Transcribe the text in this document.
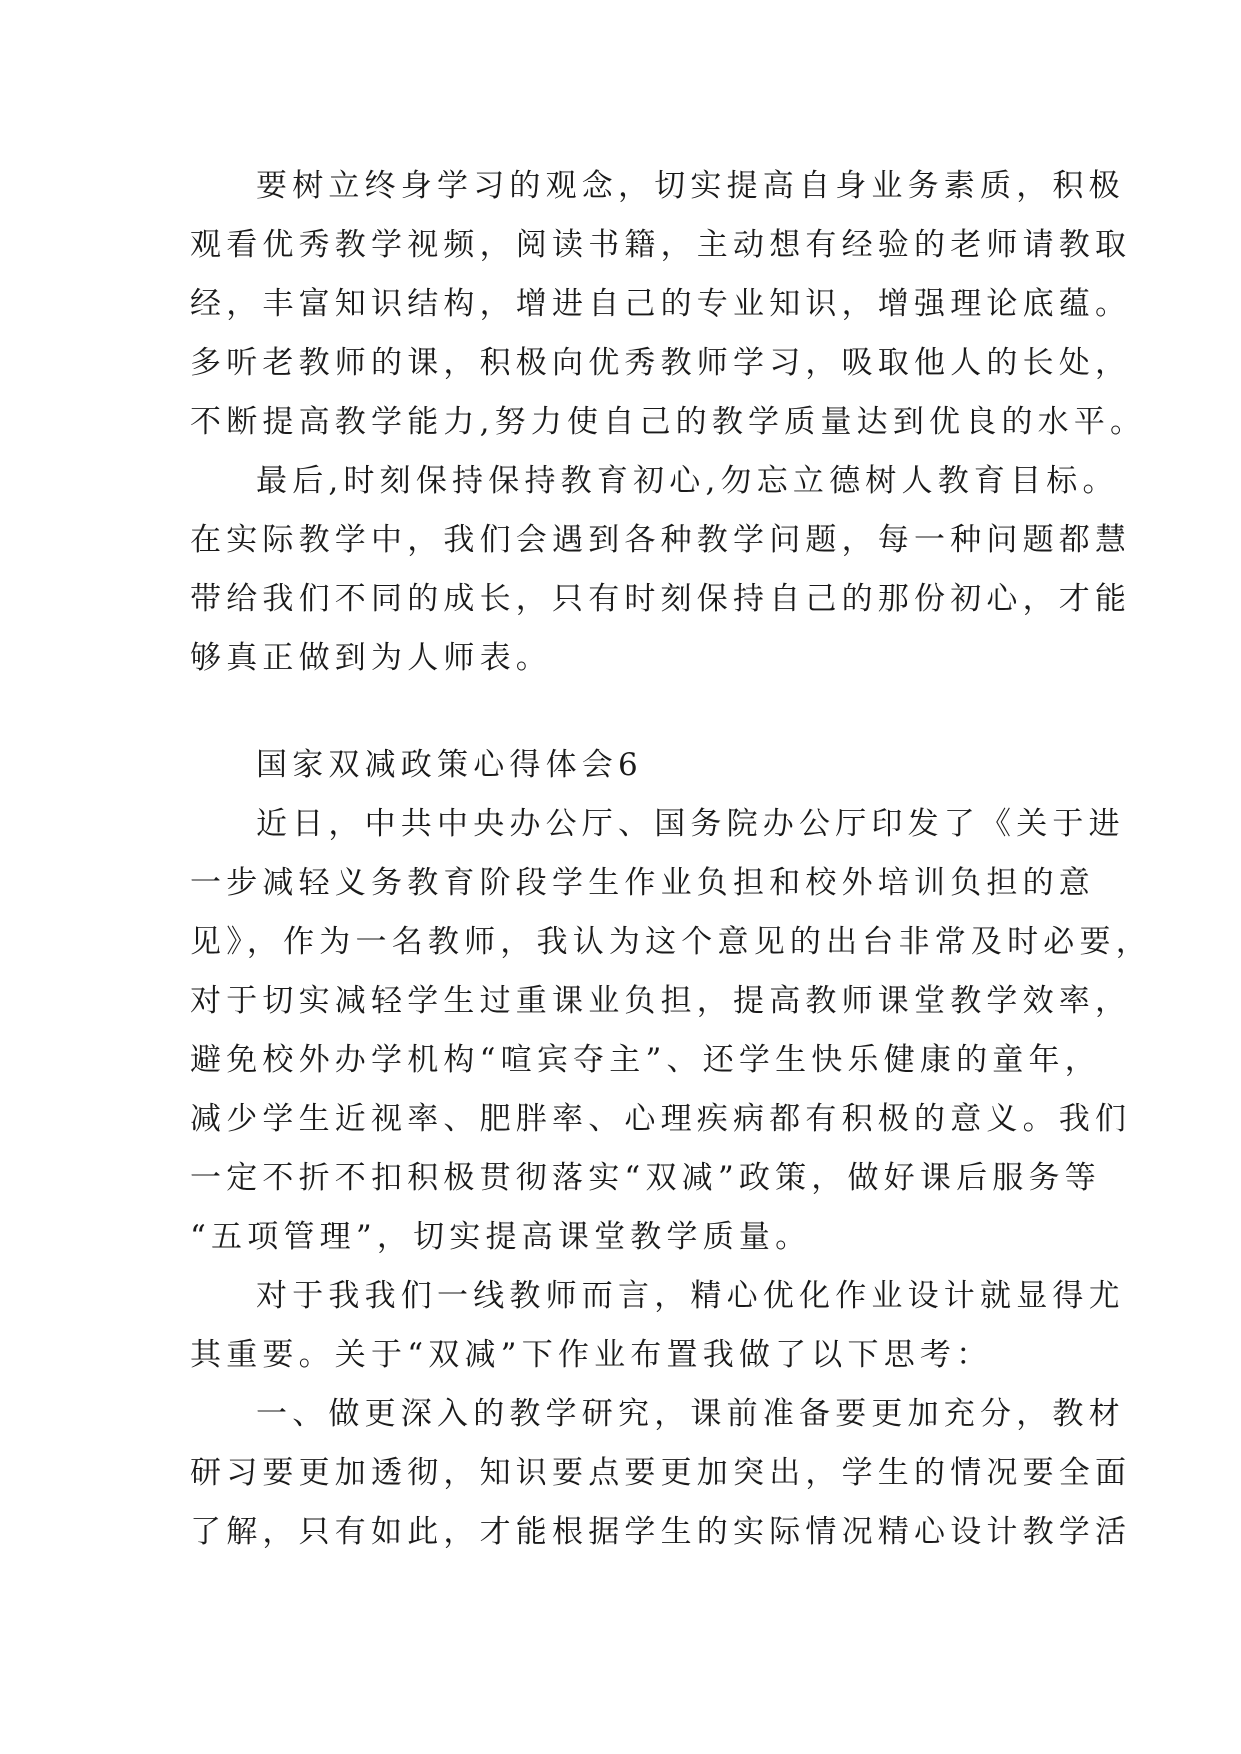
要树立终身学习的观念，切实提高自身业务素质，积极
观看优秀教学视频，阅读书籍，主动想有经验的老师请教取
经，丰富知识结构，增进自己的专业知识，增强理论底蕴。
多听老教师的课，积极向优秀教师学习，吸取他人的长处，
不断提高教学能力,努力使自己的教学质量达到优良的水平。
最后,时刻保持保持教育初心,勿忘立德树人教育目标。
在实际教学中，我们会遇到各种教学问题，每一种问题都慧
带给我们不同的成长，只有时刻保持自己的那份初心，才能
够真正做到为人师表。
国家双减政策心得体会6
近日，中共中央办公厅、国务院办公厅印发了《关于进
一步减轻义务教育阶段学生作业负担和校外培训负担的意
见》，作为一名教师，我认为这个意见的出台非常及时必要，
对于切实减轻学生过重课业负担，提高教师课堂教学效率，
避免校外办学机构“喧宾夺主”、还学生快乐健康的童年，
减少学生近视率、肥胖率、心理疾病都有积极的意义。我们
一定不折不扣积极贯彻落实“双减”政策，做好课后服务等
“五项管理”，切实提高课堂教学质量。
对于我我们一线教师而言，精心优化作业设计就显得尤
其重要。关于“双减”下作业布置我做了以下思考：
一、做更深入的教学研究，课前准备要更加充分，教材
研习要更加透彻，知识要点要更加突出，学生的情况要全面
了解，只有如此，才能根据学生的实际情况精心设计教学活
